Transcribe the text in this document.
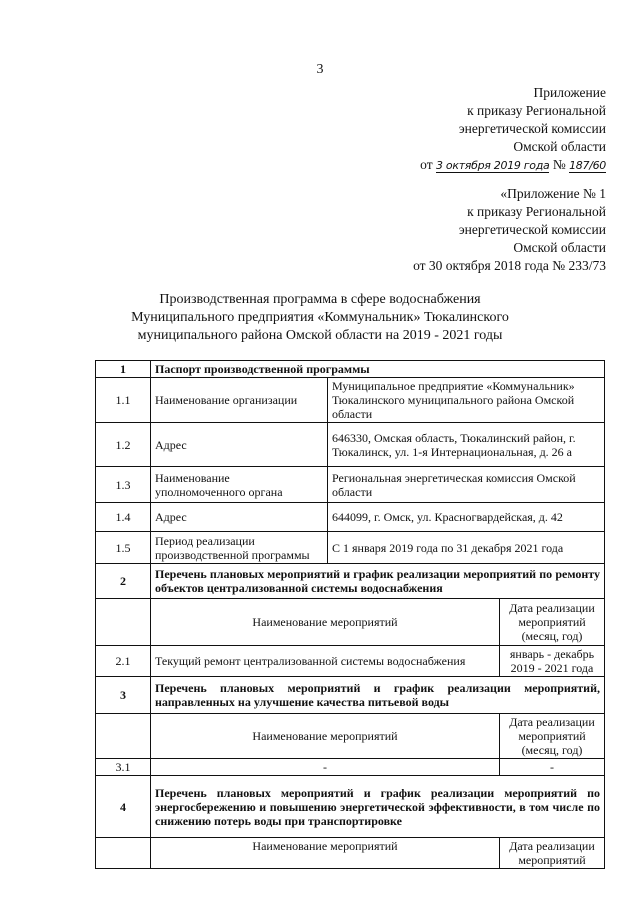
3
Приложение
к приказу Региональной
энергетической комиссии
Омской области
от 3 октября 2019 года № 187/60
«Приложение № 1
к приказу Региональной
энергетической комиссии
Омской области
от 30 октября 2018 года № 233/73
Производственная программа в сфере водоснабжения
Муниципального предприятия «Коммунальник» Тюкалинского
муниципального района Омской области на 2019 - 2021 годы
1	Паспорт производственной программы		
1.1	Наименование организации	Муниципальное предприятие «Коммунальник» Тюкалинского муниципального района Омской области	
1.2	Адрес	646330, Омская область, Тюкалинский район, г. Тюкалинск, ул. 1-я Интернациональная, д. 26 а	
1.3	Наименование уполномоченного органа	Региональная энергетическая комиссия Омской области	
1.4	Адрес	644099, г. Омск, ул. Красногвардейская, д. 42	
1.5	Период реализации производственной программы	С 1 января 2019 года по 31 декабря 2021 года	
2	Перечень плановых мероприятий и график реализации мероприятий по ремонту объектов централизованной системы водоснабжения		
	Наименование мероприятий		Дата реализации мероприятий (месяц, год)
2.1	Текущий ремонт централизованной системы водоснабжения		январь - декабрь 2019 - 2021 года
3	Перечень плановых мероприятий и график реализации мероприятий, направленных на улучшение качества питьевой воды		
	Наименование мероприятий		Дата реализации мероприятий (месяц, год)
3.1	-		-
4	Перечень плановых мероприятий и график реализации мероприятий по энергосбережению и повышению энергетической эффективности, в том числе по снижению потерь воды при транспортировке		
	Наименование мероприятий		Дата реализации мероприятий
